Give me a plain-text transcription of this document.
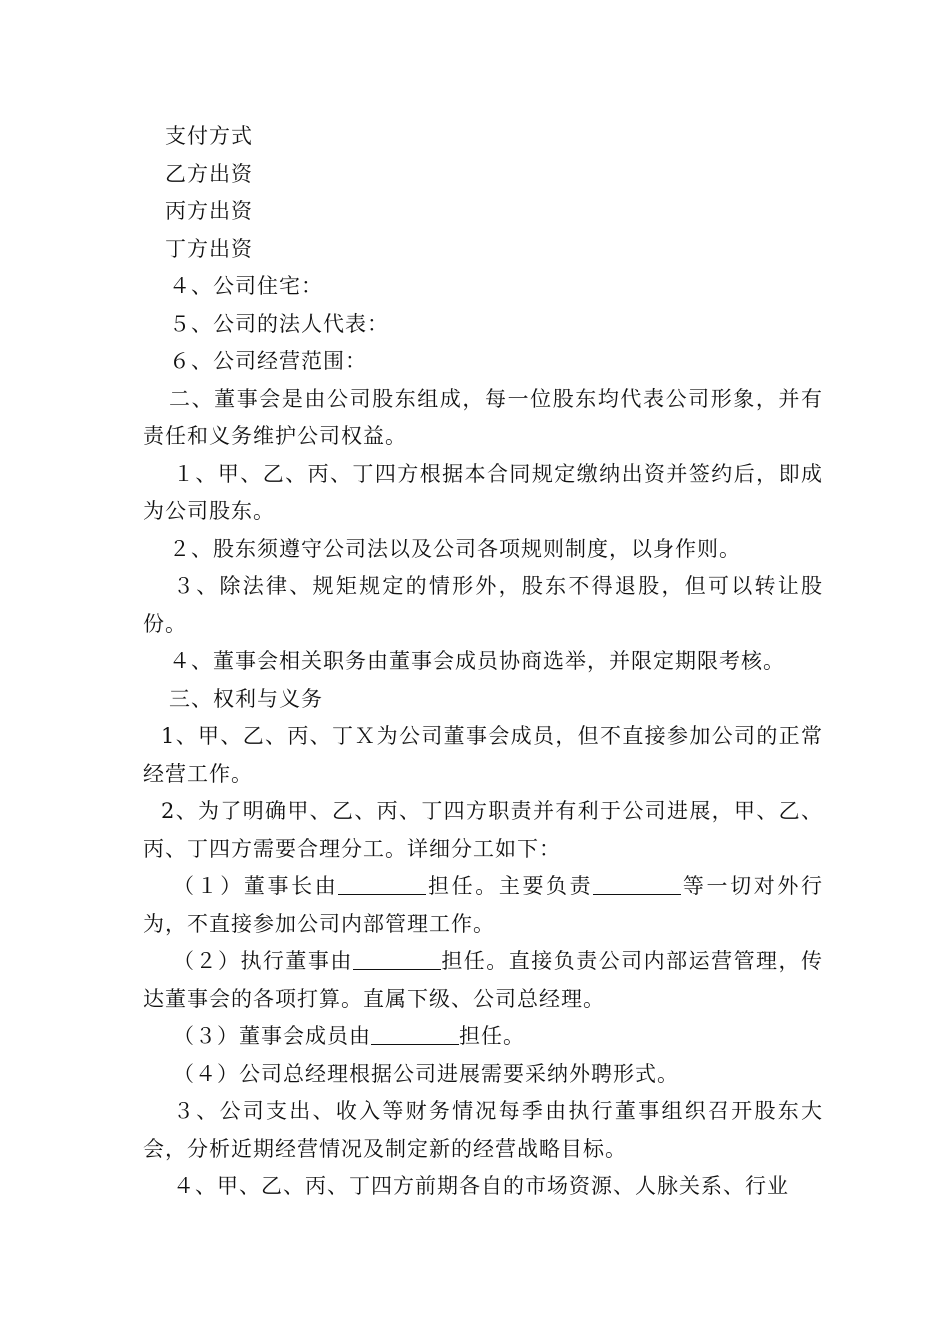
支付方式

乙方出资

丙方出资

丁方出资

４、公司住宅：

５、公司的法人代表：

６、公司经营范围：

二、董事会是由公司股东组成，每一位股东均代表公司形象，并有责任和义务维护公司权益。

１、甲、乙、丙、丁四方根据本合同规定缴纳出资并签约后，即成为公司股东。

２、股东须遵守公司法以及公司各项规则制度，以身作则。

３、除法律、规矩规定的情形外，股东不得退股，但可以转让股份。

４、董事会相关职务由董事会成员协商选举，并限定期限考核。

三、权利与义务

1、甲、乙、丙、丁Ｘ为公司董事会成员，但不直接参加公司的正常经营工作。

2、为了明确甲、乙、丙、丁四方职责并有利于公司进展，甲、乙、丙、丁四方需要合理分工。详细分工如下：

（１）董事长由	担任。主要负责	等一切对外行为，不直接参加公司内部管理工作。

（２）执行董事由	担任。直接负责公司内部运营管理，传达董事会的各项打算。直属下级、公司总经理。

（３）董事会成员由	担任。

（４）公司总经理根据公司进展需要采纳外聘形式。

３、公司支出、收入等财务情况每季由执行董事组织召开股东大会，分析近期经营情况及制定新的经营战略目标。

４、甲、乙、丙、丁四方前期各自的市场资源、人脉关系、行业
